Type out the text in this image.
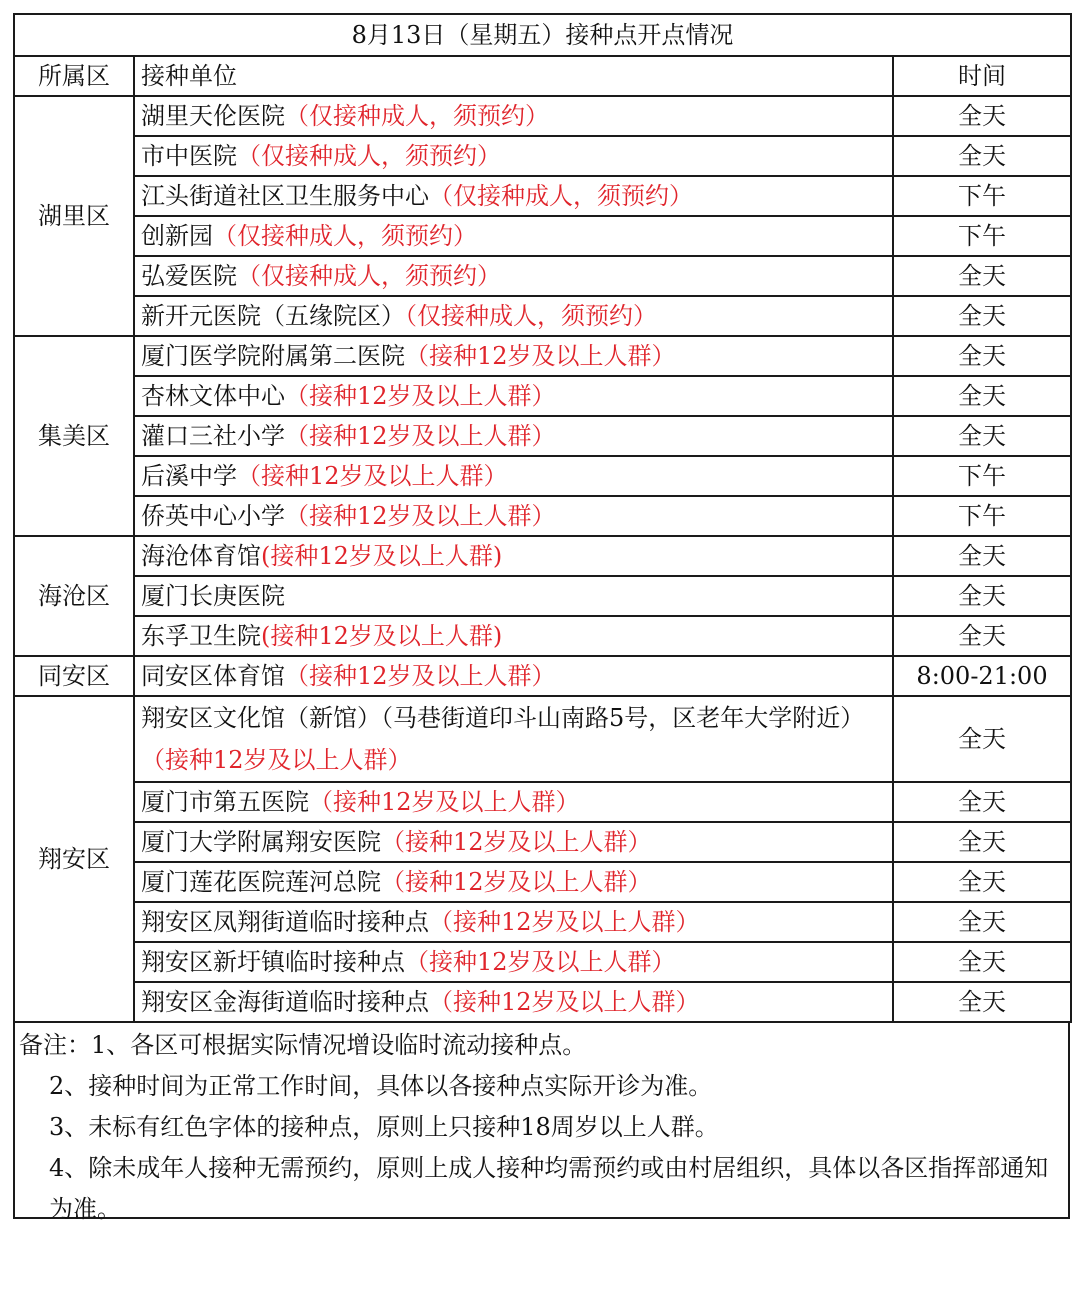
8月13日（星期五）接种点开点情况		
所属区	接种单位	时间
湖里区	湖里天伦医院（仅接种成人，须预约）	全天
	市中医院（仅接种成人，须预约）	全天
	江头街道社区卫生服务中心（仅接种成人，须预约）	下午
	创新园（仅接种成人，须预约）	下午
	弘爱医院（仅接种成人，须预约）	全天
	新开元医院（五缘院区）（仅接种成人，须预约）	全天
集美区	厦门医学院附属第二医院（接种12岁及以上人群）	全天
	杏林文体中心（接种12岁及以上人群）	全天
	灌口三社小学（接种12岁及以上人群）	全天
	后溪中学（接种12岁及以上人群）	下午
	侨英中心小学（接种12岁及以上人群）	下午
海沧区	海沧体育馆(接种12岁及以上人群)	全天
	厦门长庚医院	全天
	东孚卫生院(接种12岁及以上人群)	全天
同安区	同安区体育馆（接种12岁及以上人群）	8:00-21:00
翔安区	翔安区文化馆（新馆）（马巷街道印斗山南路5号，区老年大学附近）（接种12岁及以上人群）	全天
	厦门市第五医院（接种12岁及以上人群）	全天
	厦门大学附属翔安医院（接种12岁及以上人群）	全天
	厦门莲花医院莲河总院（接种12岁及以上人群）	全天
	翔安区凤翔街道临时接种点（接种12岁及以上人群）	全天
	翔安区新圩镇临时接种点（接种12岁及以上人群）	全天
	翔安区金海街道临时接种点（接种12岁及以上人群）	全天

备注：1、各区可根据实际情况增设临时流动接种点。

2、接种时间为正常工作时间，具体以各接种点实际开诊为准。

3、未标有红色字体的接种点，原则上只接种18周岁以上人群。

4、除未成年人接种无需预约，原则上成人接种均需预约或由村居组织，具体以各区指挥部通知为准。
